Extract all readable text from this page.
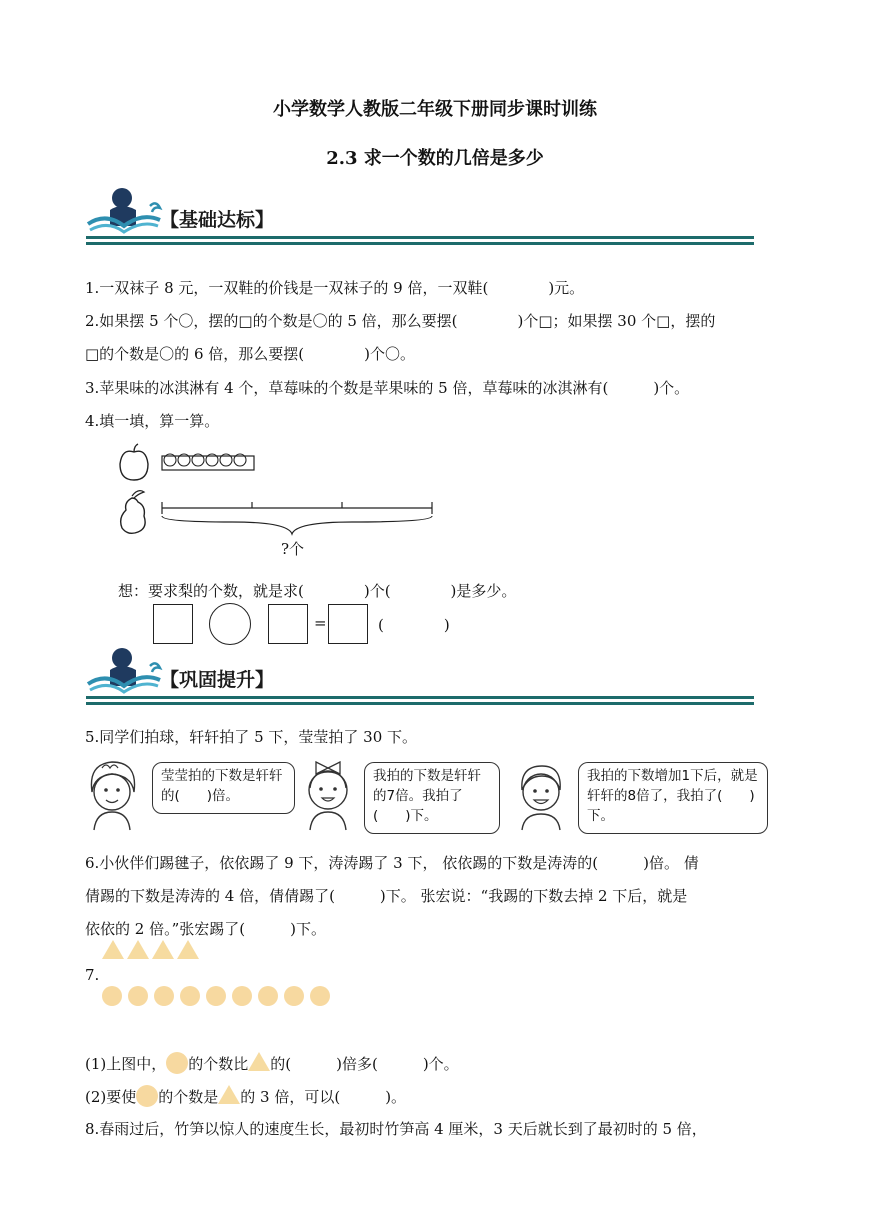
小学数学人教版二年级下册同步课时训练
2.3 求一个数的几倍是多少
【基础达标】
1.一双袜子 8 元，一双鞋的价钱是一双袜子的 9 倍，一双鞋(　　　　)元。
2.如果摆 5 个〇，摆的□的个数是〇的 5 倍，那么要摆(　　　　)个□；如果摆 30 个□，摆的
□的个数是〇的 6 倍，那么要摆(　　　　)个〇。
3.苹果味的冰淇淋有 4 个，草莓味的个数是苹果味的 5 倍，草莓味的冰淇淋有(　　　)个。
4.填一填，算一算。
?个
想：要求梨的个数，就是求(　　　　)个(　　　　)是多少。
=	(　　　　)
【巩固提升】
5.同学们拍球，轩轩拍了 5 下，莹莹拍了 30 下。
莹莹拍的下数是轩轩的(　　)倍。
我拍的下数是轩轩的7倍。我拍了(　　)下。
我拍的下数增加1下后，就是轩轩的8倍了，我拍了(　　)下。
6.小伙伴们踢毽子，依依踢了 9 下，涛涛踢了 3 下， 依依踢的下数是涛涛的(　　　)倍。 倩
倩踢的下数是涛涛的 4 倍，倩倩踢了(　　　)下。 张宏说：“我踢的下数去掉 2 下后，就是
依依的 2 倍。”张宏踢了(　　　)下。
7.
(1)上图中， 的个数比 的(　　　)倍多(　　　)个。
(2)要使 的个数是 的 3 倍，可以(　　　)。
8.春雨过后，竹笋以惊人的速度生长，最初时竹笋高 4 厘米，3 天后就长到了最初时的 5 倍，
